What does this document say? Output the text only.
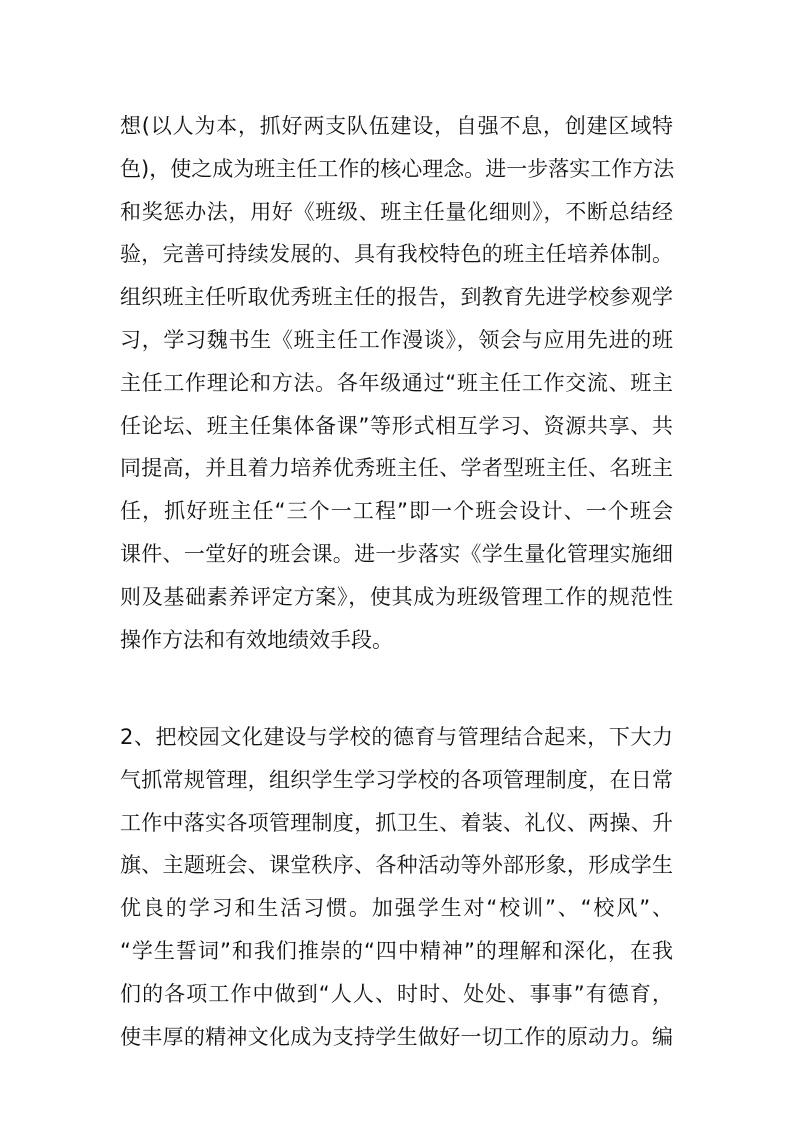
想(以人为本，抓好两支队伍建设，自强不息，创建区域特
色)，使之成为班主任工作的核心理念。进一步落实工作方法
和奖惩办法，用好《班级、班主任量化细则》，不断总结经
验，完善可持续发展的、具有我校特色的班主任培养体制。
组织班主任听取优秀班主任的报告，到教育先进学校参观学
习，学习魏书生《班主任工作漫谈》，领会与应用先进的班
主任工作理论和方法。各年级通过“班主任工作交流、班主
任论坛、班主任集体备课”等形式相互学习、资源共享、共
同提高，并且着力培养优秀班主任、学者型班主任、名班主
任，抓好班主任“三个一工程”即一个班会设计、一个班会
课件、一堂好的班会课。进一步落实《学生量化管理实施细
则及基础素养评定方案》，使其成为班级管理工作的规范性
操作方法和有效地绩效手段。
2、把校园文化建设与学校的德育与管理结合起来，下大力
气抓常规管理，组织学生学习学校的各项管理制度，在日常
工作中落实各项管理制度，抓卫生、着装、礼仪、两操、升
旗、主题班会、课堂秩序、各种活动等外部形象，形成学生
优良的学习和生活习惯。加强学生对“校训”、“校风”、
“学生誓词”和我们推崇的“四中精神”的理解和深化，在我
们的各项工作中做到“人人、时时、处处、事事”有德育，
使丰厚的精神文化成为支持学生做好一切工作的原动力。编
